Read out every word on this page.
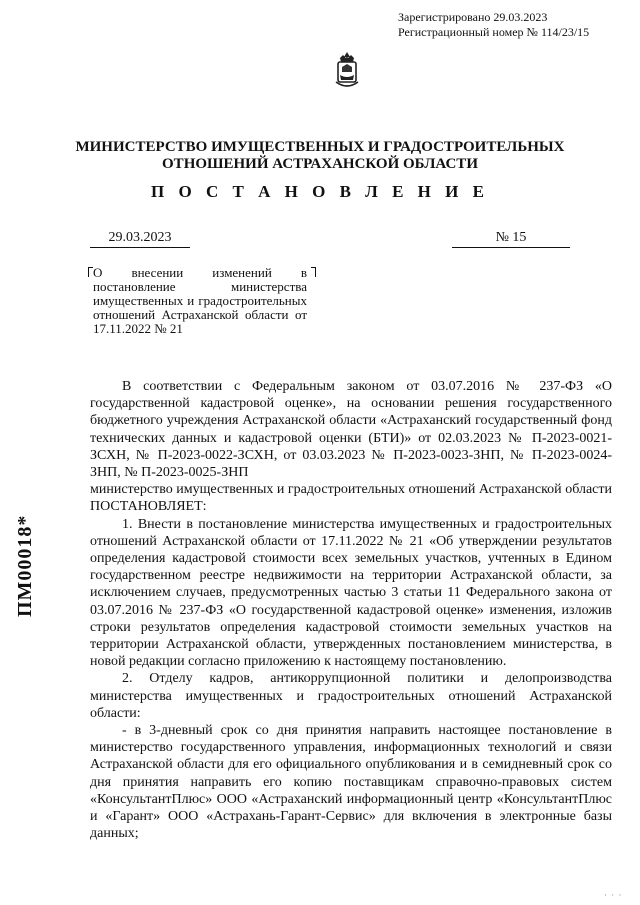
Зарегистрировано 29.03.2023
Регистрационный номер № 114/23/15
МИНИСТЕРСТВО ИМУЩЕСТВЕННЫХ И ГРАДОСТРОИТЕЛЬНЫХ
ОТНОШЕНИЙ АСТРАХАНСКОЙ ОБЛАСТИ
П О С Т А Н О В Л Е Н И Е
29.03.2023	№ 15
О внесении изменений в постановление министерства имущественных и градостроительных отношений Астраханской области от 17.11.2022 № 21

В соответствии с Федеральным законом от 03.07.2016 № 237-ФЗ «О государственной кадастровой оценке», на основании решения государственного бюджетного учреждения Астраханской области «Астраханский государственный фонд технических данных и кадастровой оценки (БТИ)» от 02.03.2023 № П-2023-0021-ЗСХН, № П-2023-0022-ЗСХН, от 03.03.2023 № П-2023-0023-ЗНП, № П-2023-0024-ЗНП, № П-2023-0025-ЗНП

министерство имущественных и градостроительных отношений Астраханской области ПОСТАНОВЛЯЕТ:

1. Внести в постановление министерства имущественных и градостроительных отношений Астраханской области от 17.11.2022 № 21 «Об утверждении результатов определения кадастровой стоимости всех земельных участков, учтенных в Едином государственном реестре недвижимости на территории Астраханской области, за исключением случаев, предусмотренных частью 3 статьи 11 Федерального закона от 03.07.2016 № 237-ФЗ «О государственной кадастровой оценке» изменения, изложив строки результатов определения кадастровой стоимости земельных участков на территории Астраханской области, утвержденных постановлением министерства, в новой редакции согласно приложению к настоящему постановлению.

2. Отделу кадров, антикоррупционной политики и делопроизводства министерства имущественных и градостроительных отношений Астраханской области:

- в 3-дневный срок со дня принятия направить настоящее постановление в министерство государственного управления, информационных технологий и связи Астраханской области для его официального опубликования и в семидневный срок со дня принятия направить его копию поставщикам справочно-правовых систем «КонсультантПлюс» ООО «Астраханский информационный центр «КонсультантПлюс и «Гарант» ООО «Астрахань-Гарант-Сервис» для включения в электронные базы данных;

ПМ00018*
· · ·
